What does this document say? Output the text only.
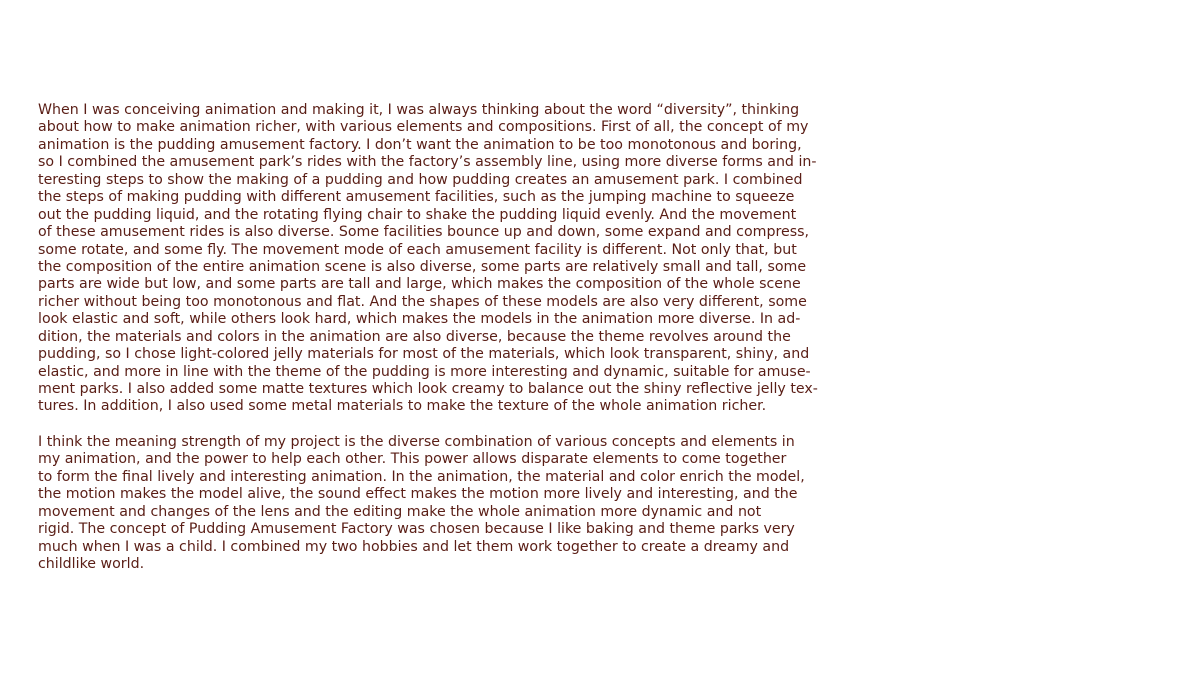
When I was conceiving animation and making it, I was always thinking about the word “diversity”, thinking
about how to make animation richer, with various elements and compositions. First of all, the concept of my
animation is the pudding amusement factory. I don’t want the animation to be too monotonous and boring,
so I combined the amusement park’s rides with the factory’s assembly line, using more diverse forms and in-
teresting steps to show the making of a pudding and how pudding creates an amusement park. I combined
the steps of making pudding with different amusement facilities, such as the jumping machine to squeeze
out the pudding liquid, and the rotating flying chair to shake the pudding liquid evenly. And the movement
of these amusement rides is also diverse. Some facilities bounce up and down, some expand and compress,
some rotate, and some fly. The movement mode of each amusement facility is different. Not only that, but
the composition of the entire animation scene is also diverse, some parts are relatively small and tall, some
parts are wide but low, and some parts are tall and large, which makes the composition of the whole scene
richer without being too monotonous and flat. And the shapes of these models are also very different, some
look elastic and soft, while others look hard, which makes the models in the animation more diverse. In ad-
dition, the materials and colors in the animation are also diverse, because the theme revolves around the
pudding, so I chose light-colored jelly materials for most of the materials, which look transparent, shiny, and
elastic, and more in line with the theme of the pudding is more interesting and dynamic, suitable for amuse-
ment parks. I also added some matte textures which look creamy to balance out the shiny reflective jelly tex-
tures. In addition, I also used some metal materials to make the texture of the whole animation richer.
I think the meaning strength of my project is the diverse combination of various concepts and elements in
my animation, and the power to help each other. This power allows disparate elements to come together
to form the final lively and interesting animation. In the animation, the material and color enrich the model,
the motion makes the model alive, the sound effect makes the motion more lively and interesting, and the
movement and changes of the lens and the editing make the whole animation more dynamic and not
rigid. The concept of Pudding Amusement Factory was chosen because I like baking and theme parks very
much when I was a child. I combined my two hobbies and let them work together to create a dreamy and
childlike world.
